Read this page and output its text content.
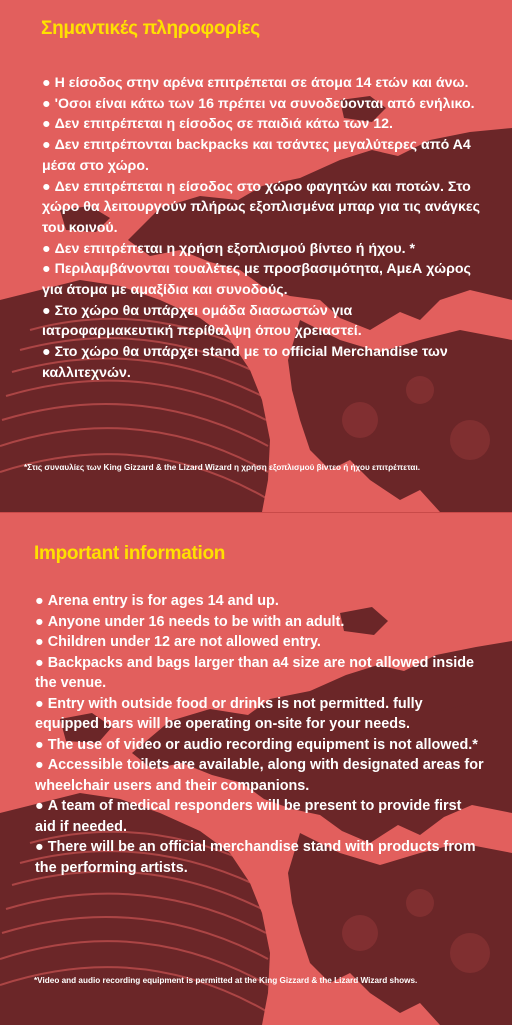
Σημαντικές πληροφορίες
● Η είσοδος στην αρένα επιτρέπεται σε άτομα 14 ετών και άνω.
● 'Οσοι είναι κάτω των 16 πρέπει να συνοδεύονται από ενήλικο.
● Δεν επιτρέπεται η είσοδος σε παιδιά κάτω των 12.
● Δεν επιτρέπονται backpacks και τσάντες μεγαλύτερες από Α4 μέσα στο χώρο.
● Δεν επιτρέπεται η είσοδος στο χώρο φαγητών και ποτών. Στο χώρο θα λειτουργούν πλήρως εξοπλισμένα μπαρ για τις ανάγκες του κοινού.
● Δεν επιτρέπεται η χρήση εξοπλισμού βίντεο ή ήχου. *
● Περιλαμβάνονται τουαλέτες με προσβασιμότητα, ΑμεΑ χώρος για άτομα με αμαξίδια και συνοδούς.
● Στο χώρο θα υπάρχει ομάδα διασωστών για ιατροφαρμακευτική περίθαλψη όπου χρειαστεί.
● Στο χώρο θα υπάρχει stand με το official Merchandise των καλλιτεχνών.

*Στις συναυλίες των King Gizzard & the Lizard Wizard η χρήση εξοπλισμού βίντεο ή ήχου επιτρέπεται.

Important information
● Arena entry is for ages 14 and up.
● Anyone under 16 needs to be with an adult.
● Children under 12 are not allowed entry.
● Backpacks and bags larger than a4 size are not allowed inside the venue.
● Entry with outside food or drinks is not permitted. fully equipped bars will be operating on-site for your needs.
● The use of video or audio recording equipment is not allowed.*
● Accessible toilets are available, along with designated areas for wheelchair users and their companions.
● A team of medical responders will be present to provide first aid if needed.
● There will be an official merchandise stand with products from the performing artists.

*Video and audio recording equipment is permitted at the King Gizzard & the Lizard Wizard shows.
